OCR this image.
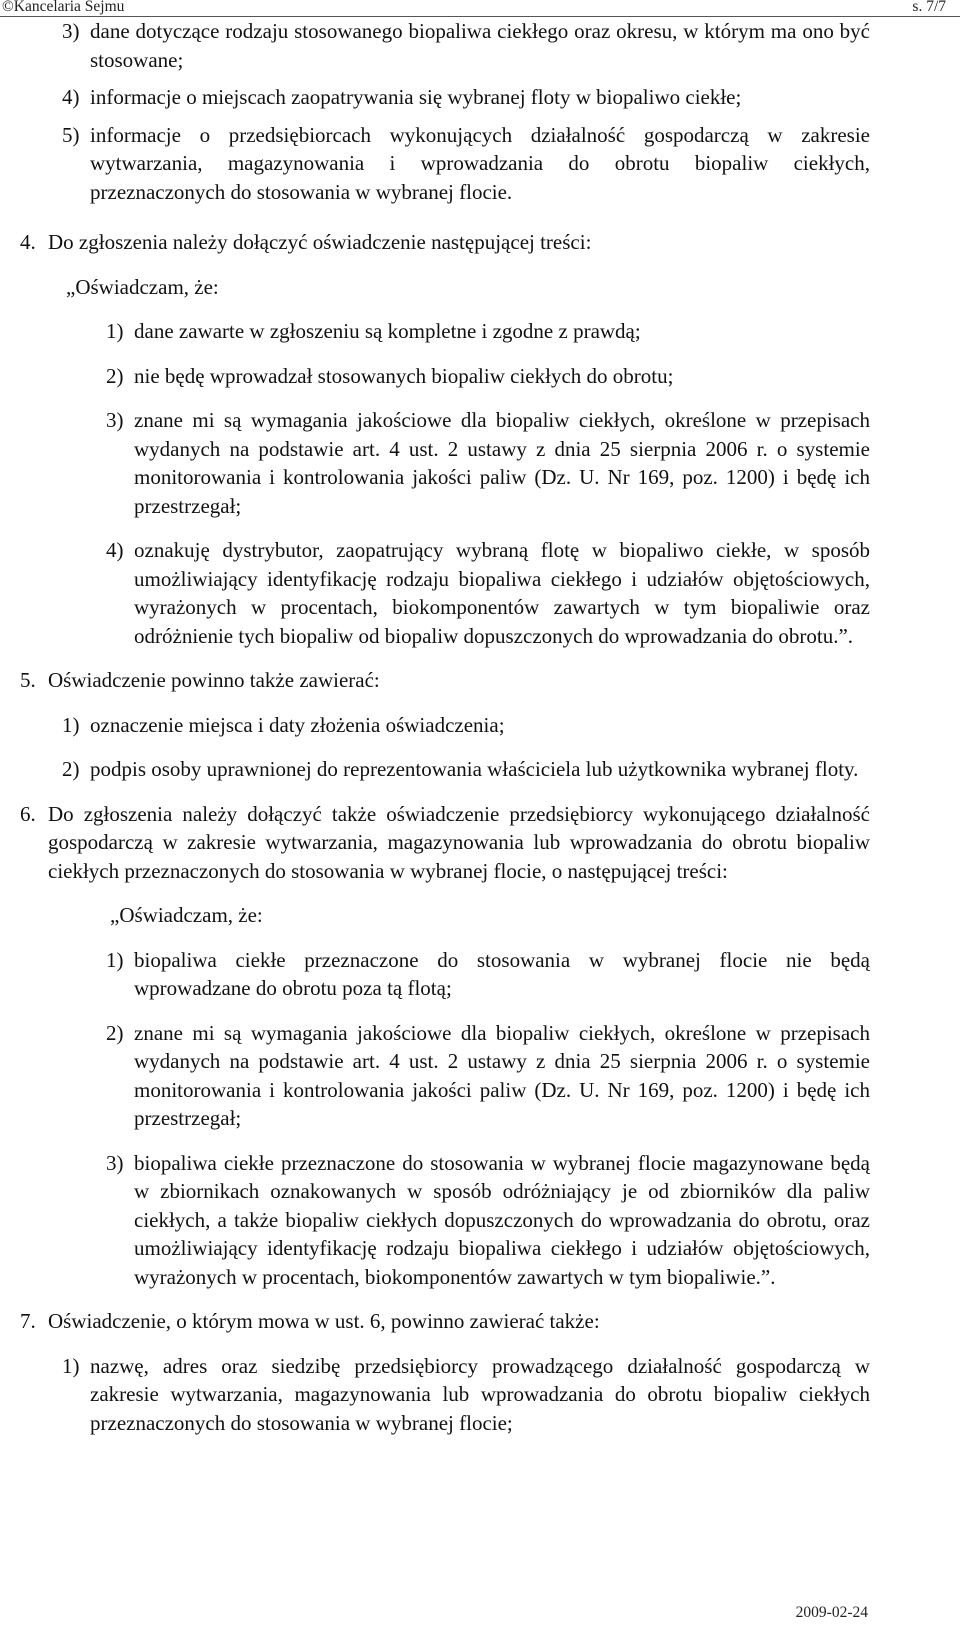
©Kancelaria Sejmu	s. 7/7
3) dane dotyczące rodzaju stosowanego biopaliwa ciekłego oraz okresu, w którym ma ono być stosowane;
4) informacje o miejscach zaopatrywania się wybranej floty w biopaliwo ciekłe;
5) informacje o przedsiębiorcach wykonujących działalność gospodarczą w zakresie wytwarzania, magazynowania i wprowadzania do obrotu biopaliw ciekłych, przeznaczonych do stosowania w wybranej flocie.
4. Do zgłoszenia należy dołączyć oświadczenie następującej treści:
„Oświadczam, że:
1) dane zawarte w zgłoszeniu są kompletne i zgodne z prawdą;
2) nie będę wprowadzał stosowanych biopaliw ciekłych do obrotu;
3) znane mi są wymagania jakościowe dla biopaliw ciekłych, określone w przepisach wydanych na podstawie art. 4 ust. 2 ustawy z dnia 25 sierpnia 2006 r. o systemie monitorowania i kontrolowania jakości paliw (Dz. U. Nr 169, poz. 1200) i będę ich przestrzegał;
4) oznakuję dystrybutor, zaopatrujący wybraną flotę w biopaliwo ciekłe, w sposób umożliwiający identyfikację rodzaju biopaliwa ciekłego i udziałów objętościowych, wyrażonych w procentach, biokomponentów zawartych w tym biopaliwie oraz odróżnienie tych biopaliw od biopaliw dopuszczonych do wprowadzania do obrotu.”.
5. Oświadczenie powinno także zawierać:
1) oznaczenie miejsca i daty złożenia oświadczenia;
2) podpis osoby uprawnionej do reprezentowania właściciela lub użytkownika wybranej floty.
6. Do zgłoszenia należy dołączyć także oświadczenie przedsiębiorcy wykonującego działalność gospodarczą w zakresie wytwarzania, magazynowania lub wprowadzania do obrotu biopaliw ciekłych przeznaczonych do stosowania w wybranej flocie, o następującej treści:
„Oświadczam, że:
1) biopaliwa ciekłe przeznaczone do stosowania w wybranej flocie nie będą wprowadzane do obrotu poza tą flotą;
2) znane mi są wymagania jakościowe dla biopaliw ciekłych, określone w przepisach wydanych na podstawie art. 4 ust. 2 ustawy z dnia 25 sierpnia 2006 r. o systemie monitorowania i kontrolowania jakości paliw (Dz. U. Nr 169, poz. 1200) i będę ich przestrzegał;
3) biopaliwa ciekłe przeznaczone do stosowania w wybranej flocie magazynowane będą w zbiornikach oznakowanych w sposób odróżniający je od zbiorników dla paliw ciekłych, a także biopaliw ciekłych dopuszczonych do wprowadzania do obrotu, oraz umożliwiający identyfikację rodzaju biopaliwa ciekłego i udziałów objętościowych, wyrażonych w procentach, biokomponentów zawartych w tym biopaliwie.”.
7. Oświadczenie, o którym mowa w ust. 6, powinno zawierać także:
1) nazwę, adres oraz siedzibę przedsiębiorcy prowadzącego działalność gospodarczą w zakresie wytwarzania, magazynowania lub wprowadzania do obrotu biopaliw ciekłych przeznaczonych do stosowania w wybranej flocie;
2009-02-24
